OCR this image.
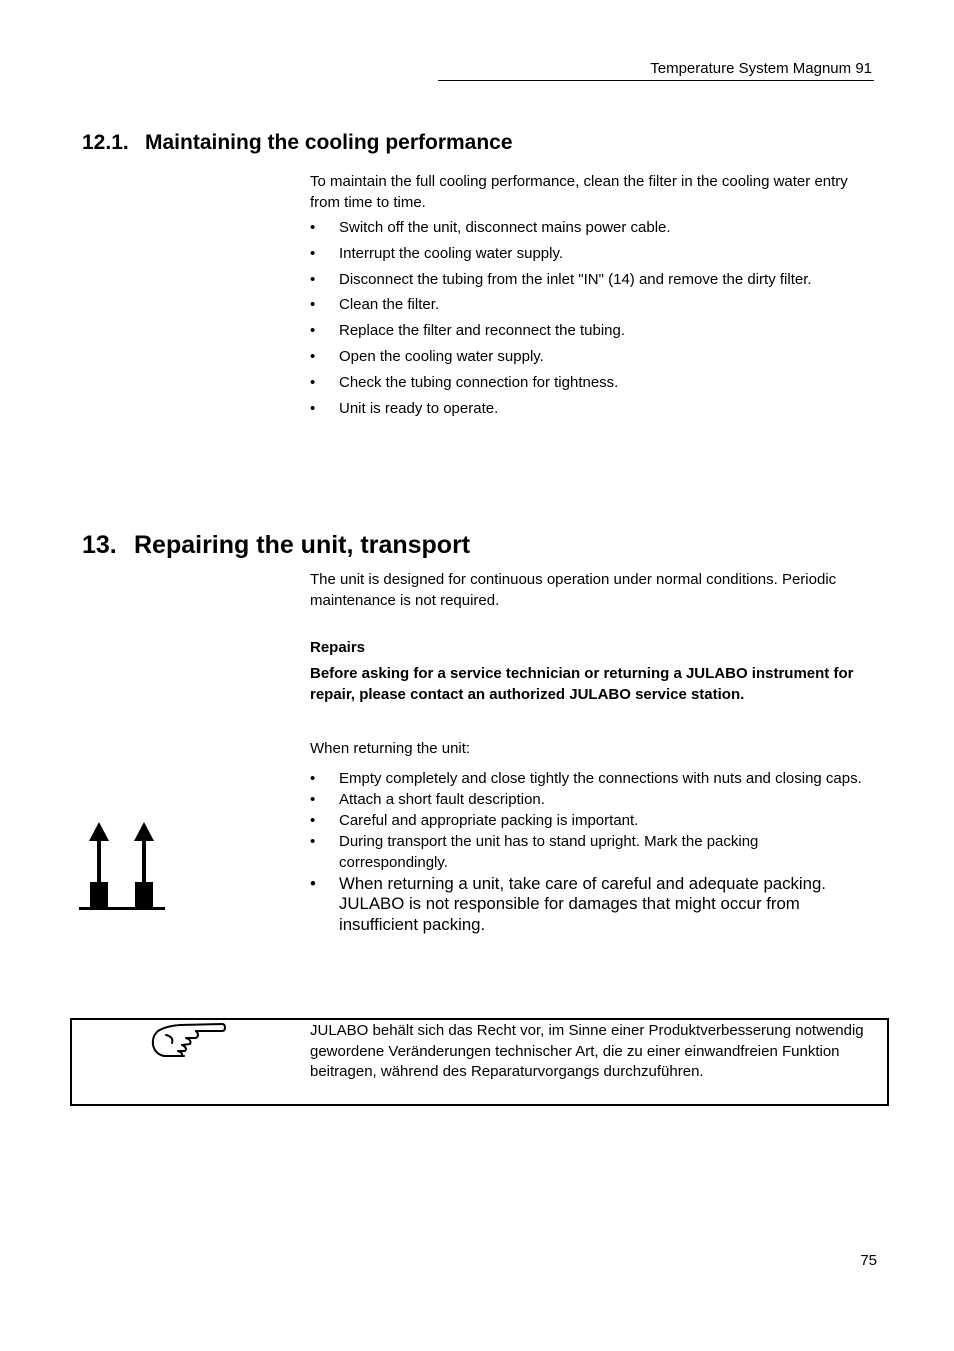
Temperature System Magnum 91
12.1. Maintaining the cooling performance

To maintain the full cooling performance, clean the filter in the cooling water entry from time to time.

• Switch off the unit, disconnect mains power cable.
• Interrupt the cooling water supply.
• Disconnect the tubing from the inlet "IN" (14) and remove the dirty filter.
• Clean the filter.
• Replace the filter and reconnect the tubing.
• Open the cooling water supply.
• Check the tubing connection for tightness.
• Unit is ready to operate.
13. Repairing the unit, transport

The unit is designed for continuous operation under normal conditions. Periodic maintenance is not required.

Repairs

Before asking for a service technician or returning a JULABO instrument for repair, please contact an authorized JULABO service station.

When returning the unit:

• Empty completely and close tightly the connections with nuts and closing caps.
• Attach a short fault description.
• Careful and appropriate packing is important.
• During transport the unit has to stand upright. Mark the packing correspondingly.
• When returning a unit, take care of careful and adequate packing. JULABO is not responsible for damages that might occur from insufficient packing.
JULABO behält sich das Recht vor, im Sinne einer Produktverbesserung notwendig gewordene Veränderungen technischer Art, die zu einer einwandfreien Funktion beitragen, während des Reparaturvorgangs durchzuführen.
75
